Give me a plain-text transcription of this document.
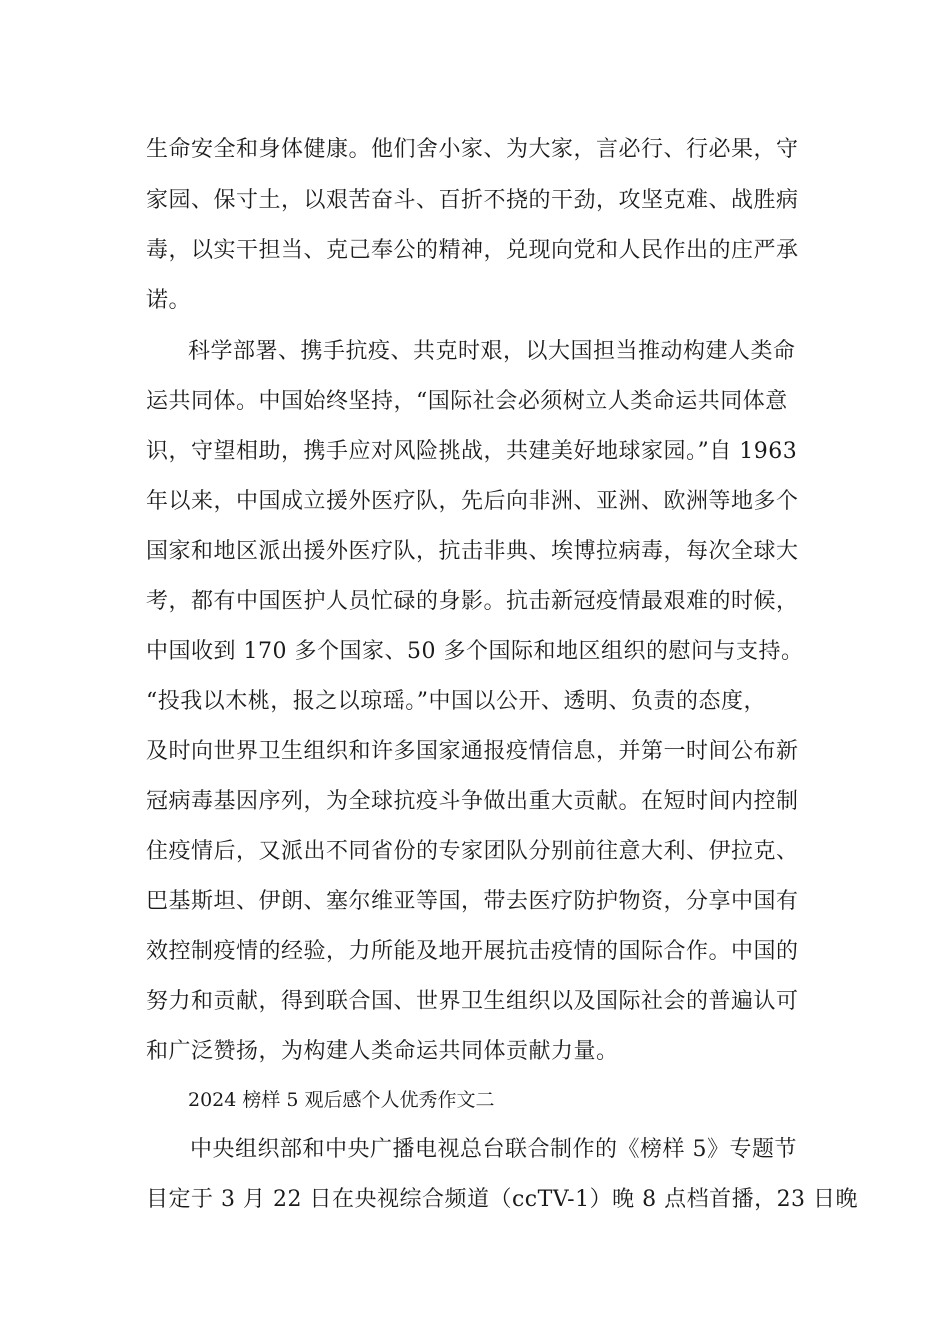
生命安全和身体健康。他们舍小家、为大家，言必行、行必果，守
家园、保寸土，以艰苦奋斗、百折不挠的干劲，攻坚克难、战胜病
毒，以实干担当、克己奉公的精神，兑现向党和人民作出的庄严承
诺。
科学部署、携手抗疫、共克时艰，以大国担当推动构建人类命
运共同体。中国始终坚持，“国际社会必须树立人类命运共同体意
识，守望相助，携手应对风险挑战，共建美好地球家园。”自 1963
年以来，中国成立援外医疗队，先后向非洲、亚洲、欧洲等地多个
国家和地区派出援外医疗队，抗击非典、埃博拉病毒，每次全球大
考，都有中国医护人员忙碌的身影。抗击新冠疫情最艰难的时候，
中国收到 170 多个国家、50 多个国际和地区组织的慰问与支持。
“投我以木桃，报之以琼瑶。”中国以公开、透明、负责的态度，
及时向世界卫生组织和许多国家通报疫情信息，并第一时间公布新
冠病毒基因序列，为全球抗疫斗争做出重大贡献。在短时间内控制
住疫情后，又派出不同省份的专家团队分别前往意大利、伊拉克、
巴基斯坦、伊朗、塞尔维亚等国，带去医疗防护物资，分享中国有
效控制疫情的经验，力所能及地开展抗击疫情的国际合作。中国的
努力和贡献，得到联合国、世界卫生组织以及国际社会的普遍认可
和广泛赞扬，为构建人类命运共同体贡献力量。
2024 榜样 5 观后感个人优秀作文二
中央组织部和中央广播电视总台联合制作的《榜样 5》专题节
目定于 3 月 22 日在央视综合频道（ccTV-1）晚 8 点档首播，23 日晚
